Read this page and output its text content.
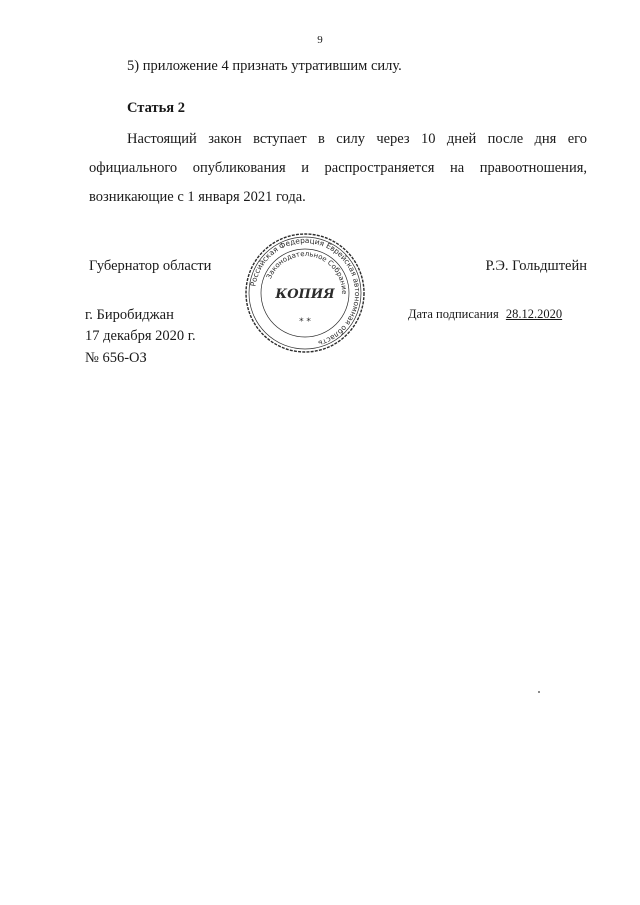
9
5) приложение 4 признать утратившим силу.
Статья 2

Настоящий закон вступает в силу через 10 дней после дня его официального опубликования и распространяется на правоотношения, возникающие с 1 января 2021 года.

Губернатор области	Р.Э. Гольдштейн
г. Биробиджан
17 декабря 2020 г.
№ 656-ОЗ
Дата подписания 28.12.2020
Российская Федерация Еврейская автономная область
Законодательное Собрание
КОПИЯ
* *
